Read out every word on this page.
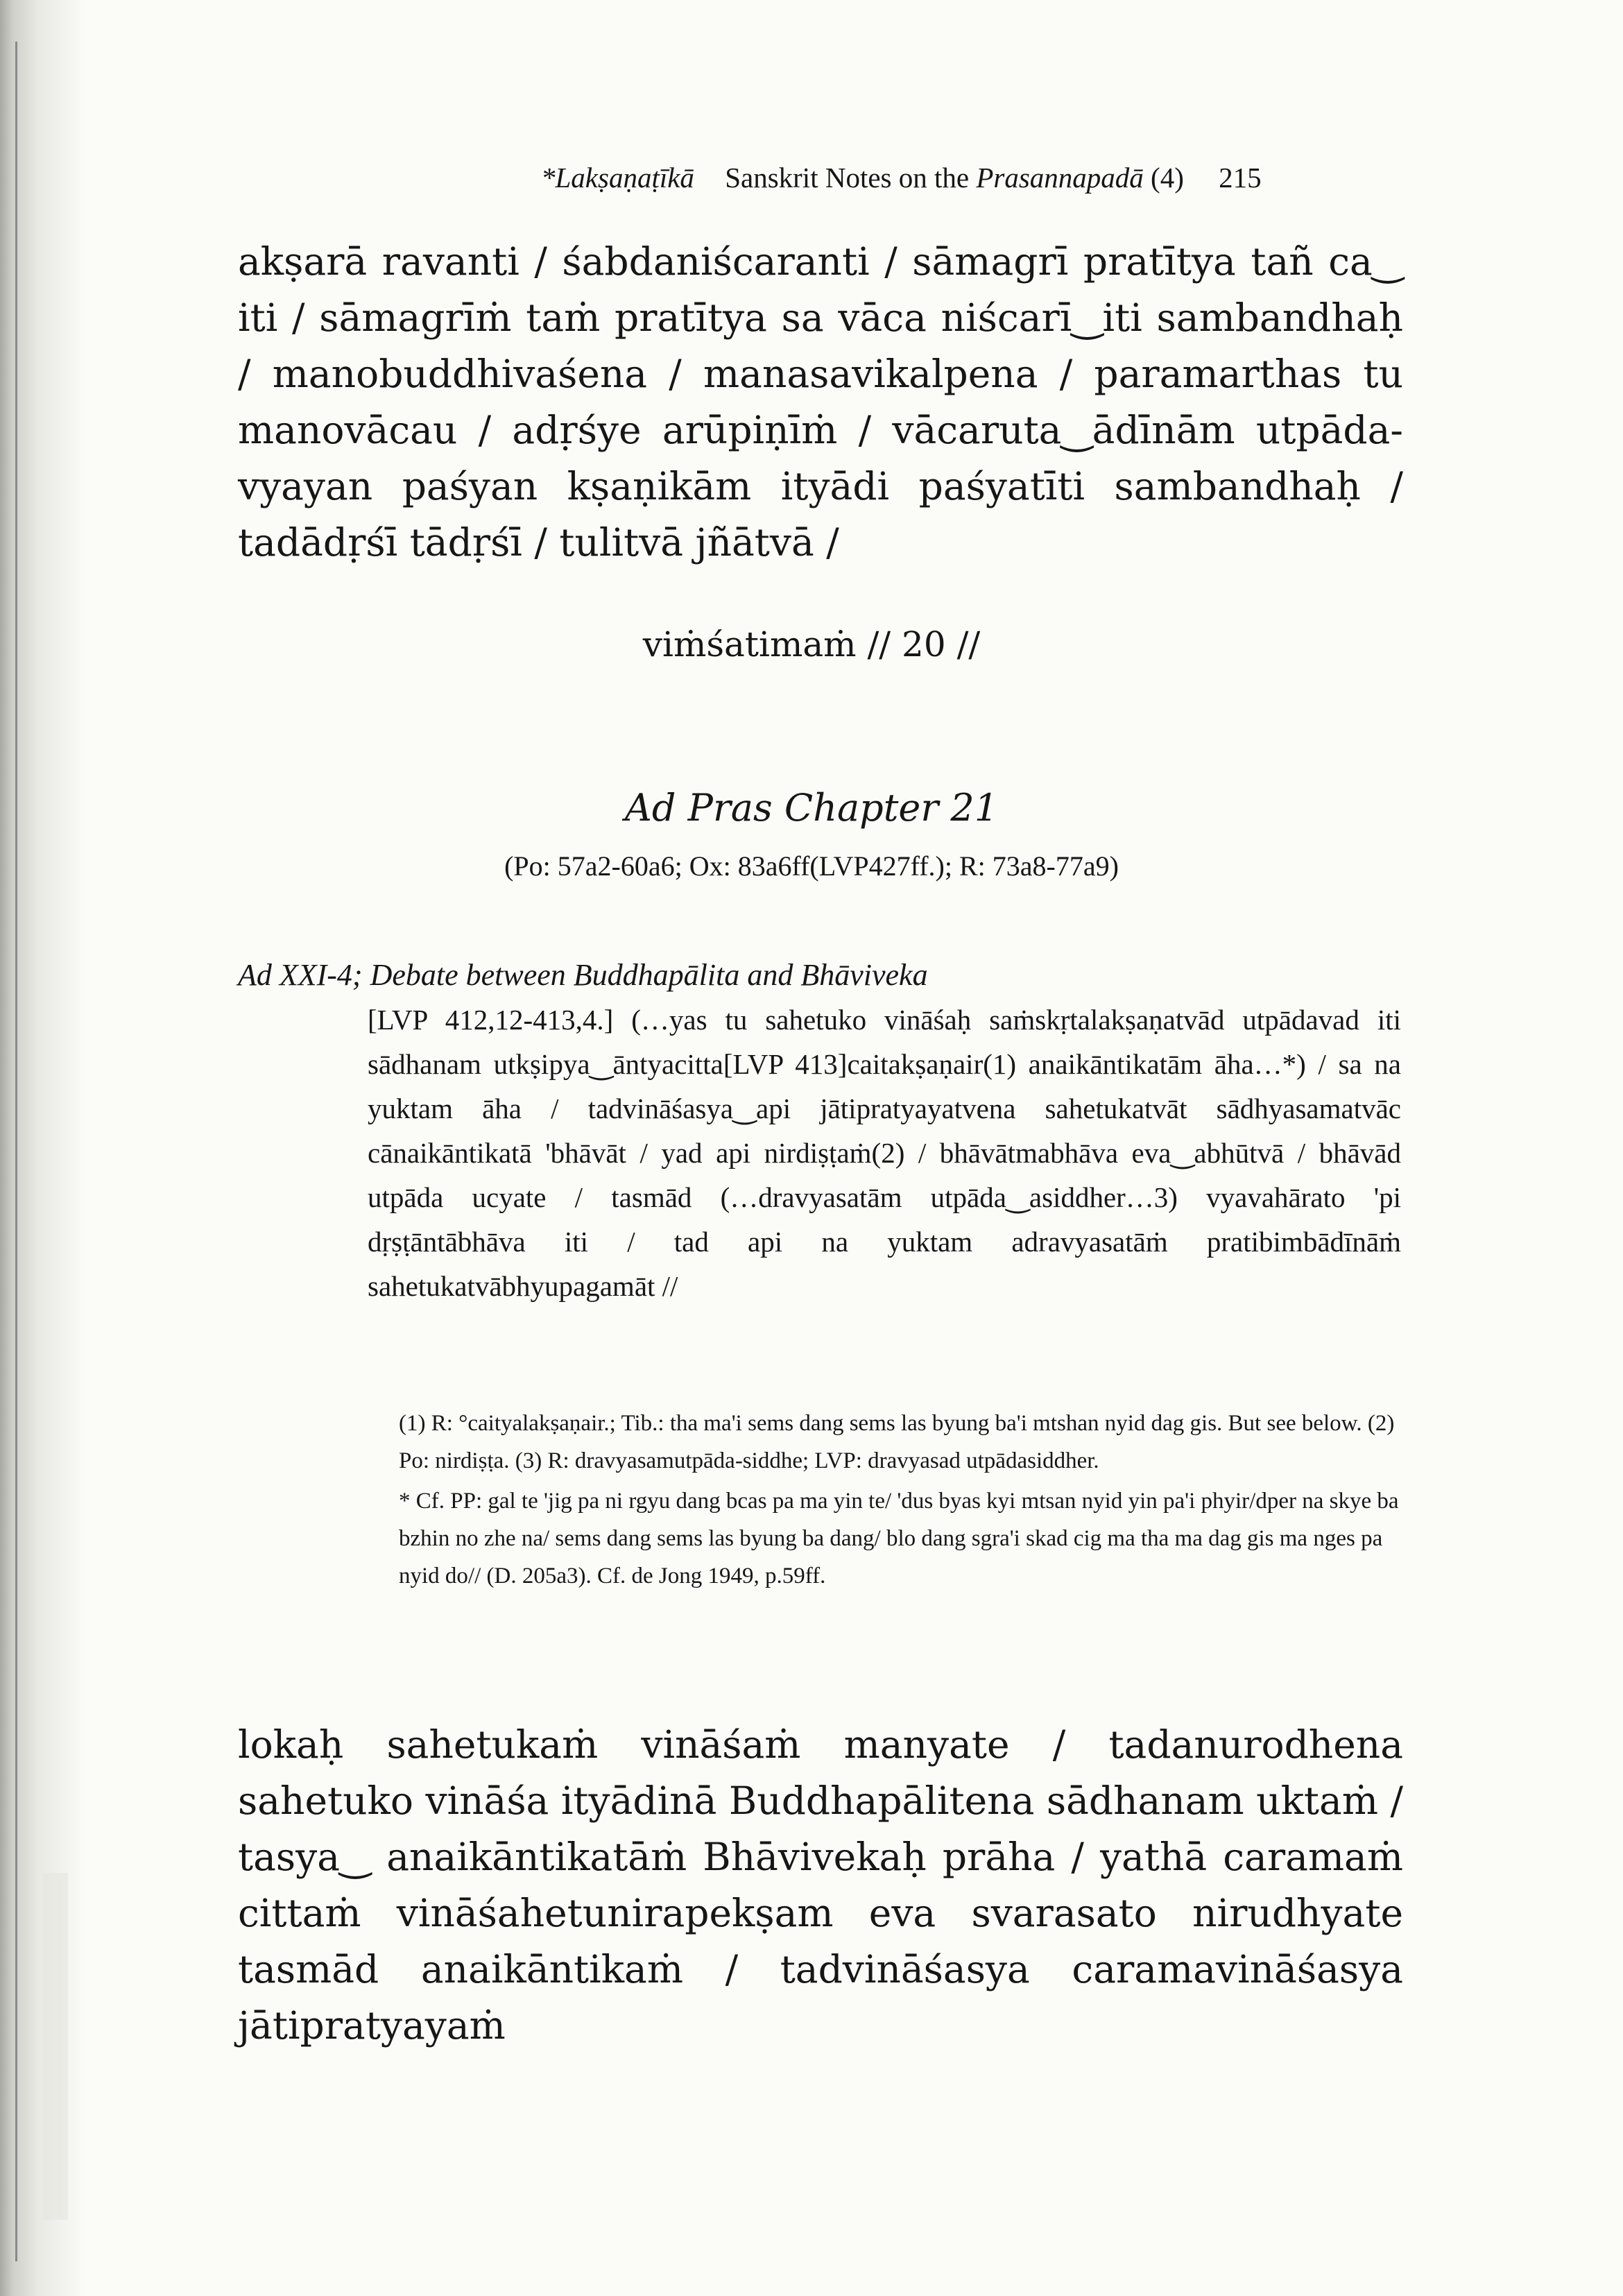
*Lakṣaṇaṭīkā Sanskrit Notes on the Prasannapadā (4) 215

akṣarā ravanti / śabdaniścaranti / sāmagrī pratītya tañ ca‿ iti / sāmagrīṁ taṁ pratītya sa vāca niścarī‿iti sambandhaḥ / manobuddhivaśena / manasavikalpena / paramarthas tu manovācau / adṛśye arūpiṇīṁ / vācaruta‿ādīnām utpāda-vyayan paśyan kṣaṇikām ityādi paśyatīti sambandhaḥ / tadādṛśī tādṛśī / tulitvā jñātvā /

viṁśatimaṁ // 20 //
Ad Pras Chapter 21
(Po: 57a2-60a6; Ox: 83a6ff(LVP427ff.); R: 73a8-77a9)
Ad XXI-4; Debate between Buddhapālita and Bhāviveka
[LVP 412,12-413,4.] (…yas tu sahetuko vināśaḥ saṁskṛtalakṣaṇatvād utpādavad iti sādhanam utkṣipya‿āntyacitta[LVP 413]caitakṣaṇair(1) anaikāntikatām āha…*) / sa na yuktam āha / tadvināśasya‿api jātipratyayatvena sahetukatvāt sādhyasamatvāc cānaikāntikatā 'bhāvāt / yad api nirdiṣṭaṁ(2) / bhāvātmabhāva eva‿abhūtvā / bhāvād utpāda ucyate / tasmād (…dravyasatām utpāda‿asiddher…3) vyavahārato 'pi dṛṣṭāntābhāva iti / tad api na yuktam adravyasatāṁ pratibimbādīnāṁ sahetukatvābhyupagamāt //

(1) R: °caityalakṣaṇair.; Tib.: tha ma'i sems dang sems las byung ba'i mtshan nyid dag gis. But see below. (2) Po: nirdiṣṭa. (3) R: dravyasamutpāda-siddhe; LVP: dravyasad utpādasiddher.

* Cf. PP: gal te 'jig pa ni rgyu dang bcas pa ma yin te/ 'dus byas kyi mtsan nyid yin pa'i phyir/dper na skye ba bzhin no zhe na/ sems dang sems las byung ba dang/ blo dang sgra'i skad cig ma tha ma dag gis ma nges pa nyid do// (D. 205a3). Cf. de Jong 1949, p.59ff.

lokaḥ sahetukaṁ vināśaṁ manyate / tadanurodhena sahetuko vināśa ityādinā Buddhapālitena sādhanam uktaṁ / tasya‿ anaikāntikatāṁ Bhāvivekaḥ prāha / yathā caramaṁ cittaṁ vināśahetunirapekṣam eva svarasato nirudhyate tasmād anaikāntikaṁ / tadvināśasya caramavināśasya jātipratyayaṁ
